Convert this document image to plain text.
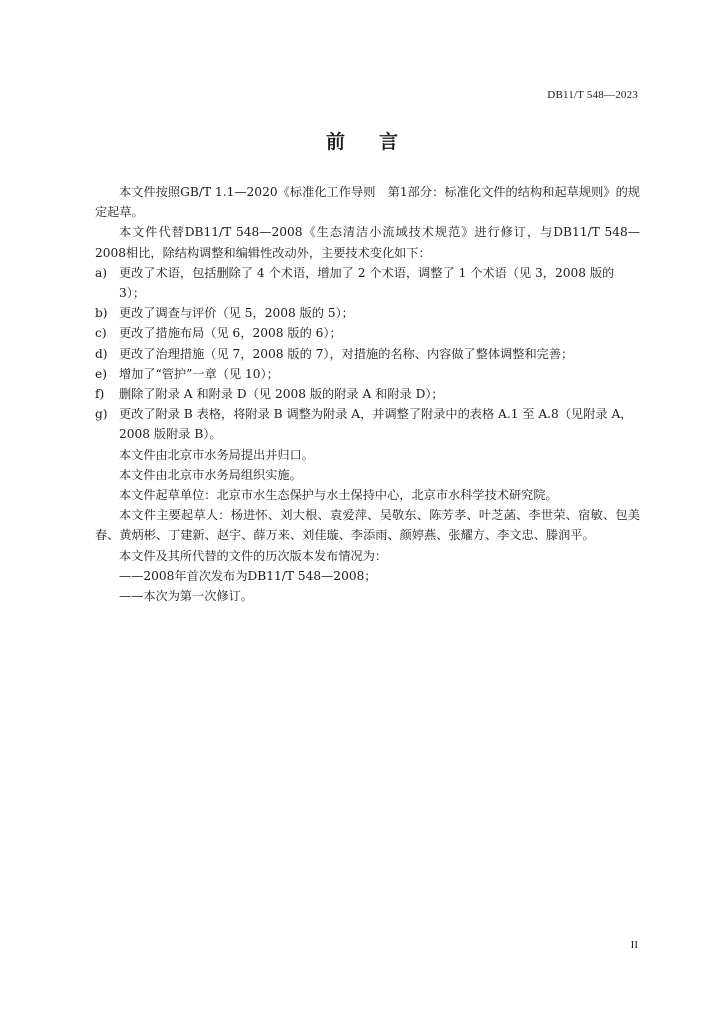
DB11/T 548—2023
前言

本文件按照GB/T 1.1—2020《标准化工作导则　第1部分：标准化文件的结构和起草规则》的规定起草。

本文件代替DB11/T 548—2008《生态清洁小流域技术规范》进行修订，与DB11/T 548—2008相比，除结构调整和编辑性改动外，主要技术变化如下：

a) 更改了术语，包括删除了 4 个术语，增加了 2 个术语，调整了 1 个术语（见 3，2008 版的 3）；

b) 更改了调查与评价（见 5，2008 版的 5）；

c)	更改了措施布局（见 6，2008 版的 6）；

d) 更改了治理措施（见 7，2008 版的 7），对措施的名称、内容做了整体调整和完善；

e) 增加了“管护”一章（见 10）；

f)	删除了附录 A 和附录 D（见 2008 版的附录 A 和附录 D）；

g) 更改了附录 B 表格，将附录 B 调整为附录 A，并调整了附录中的表格 A.1 至 A.8（见附录 A，2008 版附录 B）。

本文件由北京市水务局提出并归口。

本文件由北京市水务局组织实施。

本文件起草单位：北京市水生态保护与水土保持中心，北京市水科学技术研究院。

本文件主要起草人：杨进怀、刘大根、袁爱萍、吴敬东、陈芳孝、叶芝菡、李世荣、宿敏、包美春、黄炳彬、丁建新、赵宇、薛万来、刘佳璇、李添雨、颜婷燕、张耀方、李文忠、滕润平。

本文件及其所代替的文件的历次版本发布情况为：

——2008年首次发布为DB11/T 548—2008；

——本次为第一次修订。

II
